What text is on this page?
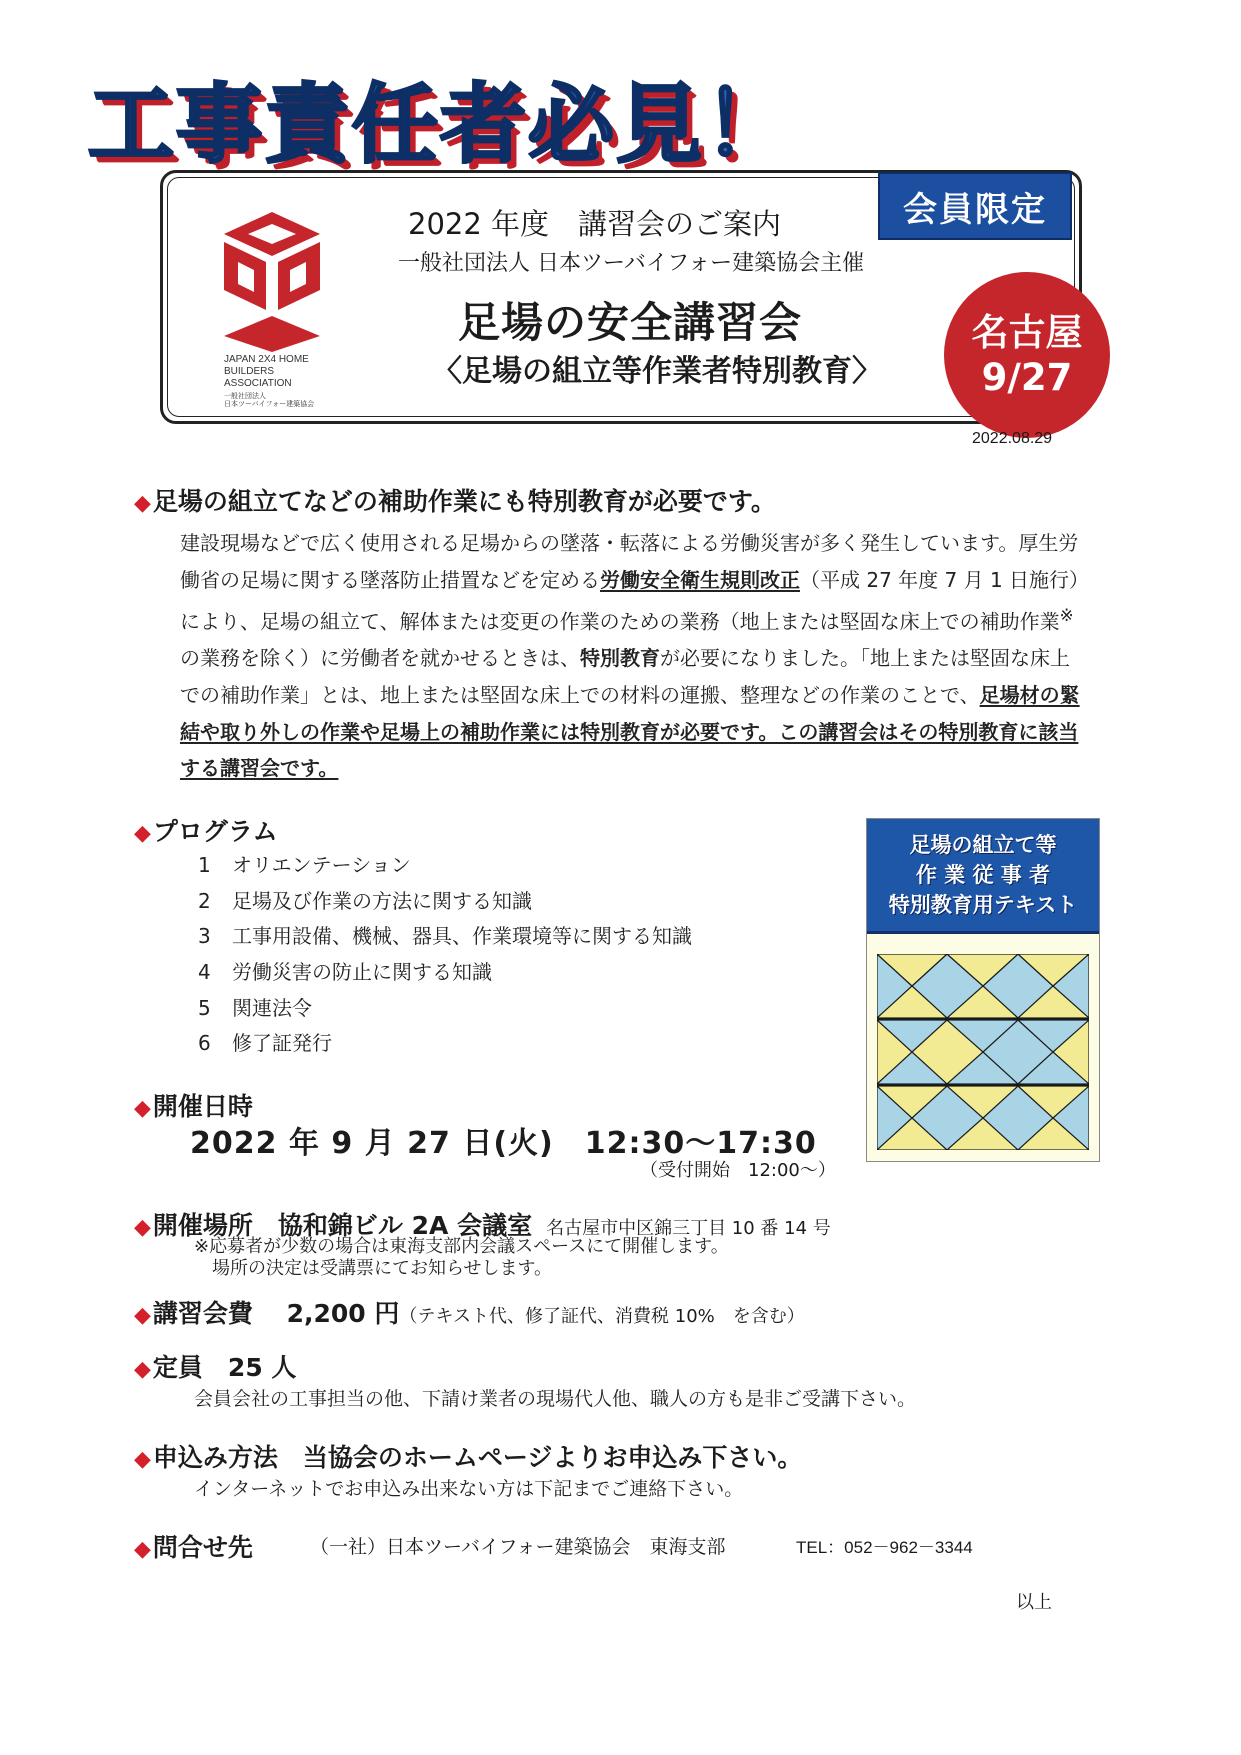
工事責任者必見！
JAPAN 2X4 HOME
BUILDERS
ASSOCIATION
一般社団法人
日本ツーバイフォー建築協会
2022 年度　講習会のご案内
一般社団法人 日本ツーバイフォー建築協会主催
足場の安全講習会
〈足場の組立等作業者特別教育〉
会員限定
名古屋
9/27
2022.08.29
◆足場の組立てなどの補助作業にも特別教育が必要です。

建設現場などで広く使用される足場からの墜落・転落による労働災害が多く発生しています。厚生労働省の足場に関する墜落防止措置などを定める労働安全衛生規則改正（平成 27 年度 7 月 1 日施行）により、足場の組立て、解体または変更の作業のための業務（地上または堅固な床上での補助作業※の業務を除く）に労働者を就かせるときは、特別教育が必要になりました。「地上または堅固な床上での補助作業」とは、地上または堅固な床上での材料の運搬、整理などの作業のことで、足場材の緊結や取り外しの作業や足場上の補助作業には特別教育が必要です。この講習会はその特別教育に該当する講習会です。

◆プログラム
1 オリエンテーション
2 足場及び作業の方法に関する知識
3 工事用設備、機械、器具、作業環境等に関する知識
4 労働災害の防止に関する知識
5 関連法令
6 修了証発行
足場の組立て等
作 業 従 事 者
特別教育用テキスト
◆開催日時
2022 年 9 月 27 日(火)　12:30～17:30
（受付開始　12:00～）
◆開催場所　協和錦ビル 2A 会議室 名古屋市中区錦三丁目 10 番 14 号
※応募者が少数の場合は東海支部内会議スペースにて開催します。
場所の決定は受講票にてお知らせします。
◆講習会費　 2,200 円（テキスト代、修了証代、消費税 10%　を含む）
◆定員　25 人
会員会社の工事担当の他、下請け業者の現場代人他、職人の方も是非ご受講下さい。
◆申込み方法　当協会のホームページよりお申込み下さい。
インターネットでお申込み出来ない方は下記までご連絡下さい。
◆問合せ先	（一社）日本ツーバイフォー建築協会　東海支部	TEL：052－962－3344
以上
